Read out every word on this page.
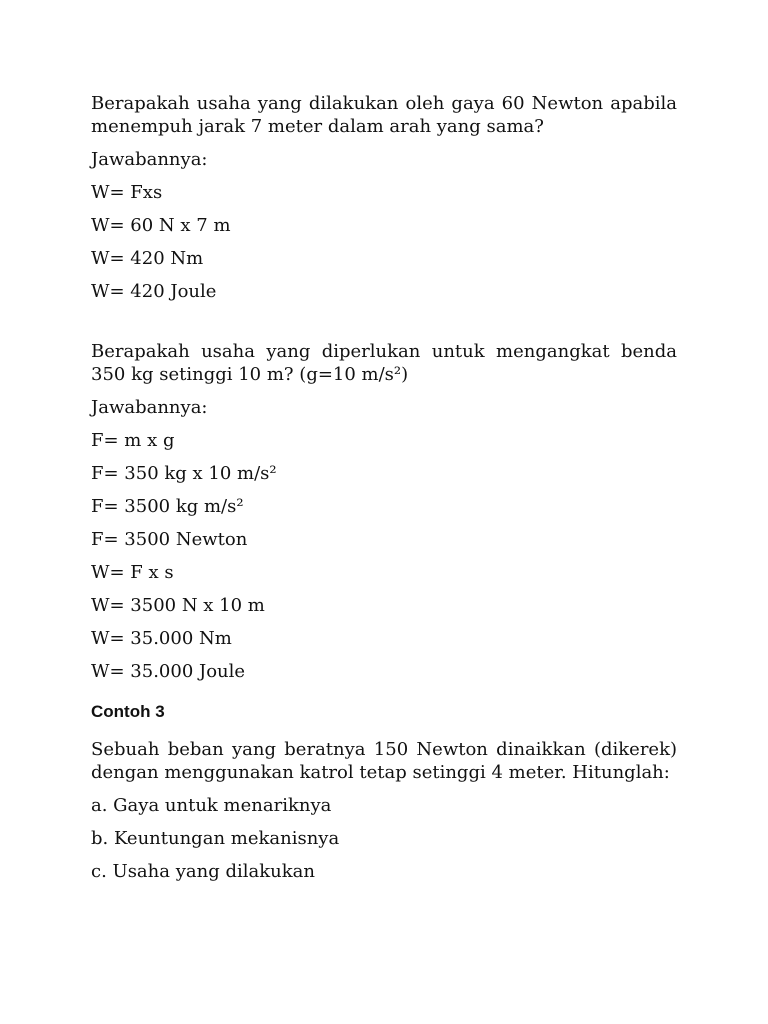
Berapakah usaha yang dilakukan oleh gaya 60 Newton apabila menempuh jarak 7 meter dalam arah yang sama?

Jawabannya:

W= Fxs

W= 60 N x 7 m

W= 420 Nm

W= 420 Joule

Berapakah usaha yang diperlukan untuk mengangkat benda 350 kg setinggi 10 m? (g=10 m/s²)

Jawabannya:

F= m x g

F= 350 kg x 10 m/s²

F= 3500 kg m/s²

F= 3500 Newton

W= F x s

W= 3500 N x 10 m

W= 35.000 Nm

W= 35.000 Joule

Contoh 3

Sebuah beban yang beratnya 150 Newton dinaikkan (dikerek) dengan menggunakan katrol tetap setinggi 4 meter. Hitunglah:

a. Gaya untuk menariknya

b. Keuntungan mekanisnya

c. Usaha yang dilakukan
